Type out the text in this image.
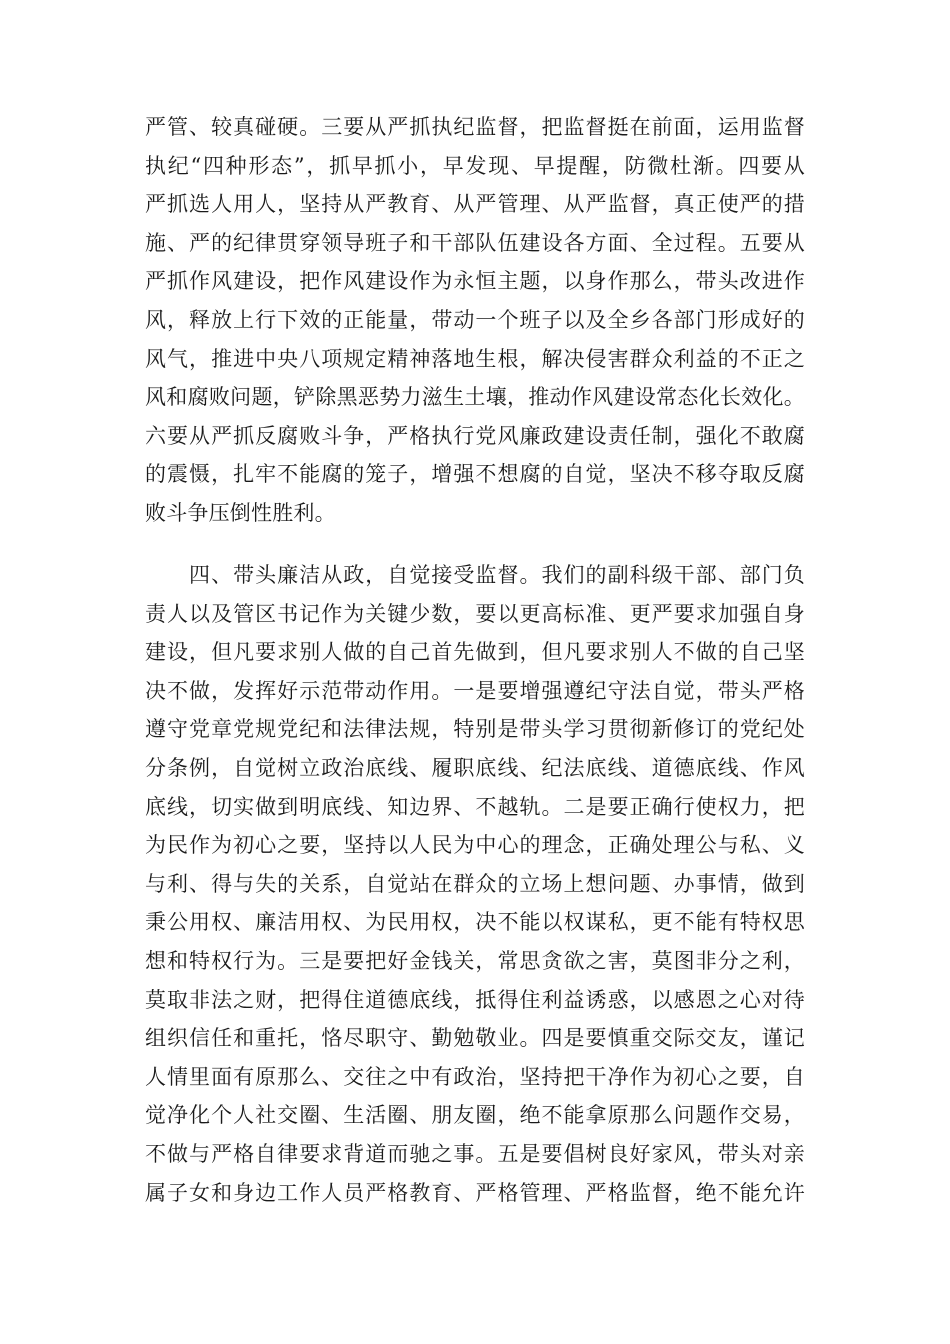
严管、较真碰硬。三要从严抓执纪监督，把监督挺在前面，运用监督
执纪“四种形态”，抓早抓小，早发现、早提醒，防微杜渐。四要从
严抓选人用人，坚持从严教育、从严管理、从严监督，真正使严的措
施、严的纪律贯穿领导班子和干部队伍建设各方面、全过程。五要从
严抓作风建设，把作风建设作为永恒主题，以身作那么，带头改进作
风，释放上行下效的正能量，带动一个班子以及全乡各部门形成好的
风气，推进中央八项规定精神落地生根，解决侵害群众利益的不正之
风和腐败问题，铲除黑恶势力滋生土壤，推动作风建设常态化长效化。
六要从严抓反腐败斗争，严格执行党风廉政建设责任制，强化不敢腐
的震慑，扎牢不能腐的笼子，增强不想腐的自觉，坚决不移夺取反腐
败斗争压倒性胜利。
　　四、带头廉洁从政，自觉接受监督。我们的副科级干部、部门负
责人以及管区书记作为关键少数，要以更高标准、更严要求加强自身
建设，但凡要求别人做的自己首先做到，但凡要求别人不做的自己坚
决不做，发挥好示范带动作用。一是要增强遵纪守法自觉，带头严格
遵守党章党规党纪和法律法规，特别是带头学习贯彻新修订的党纪处
分条例，自觉树立政治底线、履职底线、纪法底线、道德底线、作风
底线，切实做到明底线、知边界、不越轨。二是要正确行使权力，把
为民作为初心之要，坚持以人民为中心的理念，正确处理公与私、义
与利、得与失的关系，自觉站在群众的立场上想问题、办事情，做到
秉公用权、廉洁用权、为民用权，决不能以权谋私，更不能有特权思
想和特权行为。三是要把好金钱关，常思贪欲之害，莫图非分之利，
莫取非法之财，把得住道德底线，抵得住利益诱惑，以感恩之心对待
组织信任和重托，恪尽职守、勤勉敬业。四是要慎重交际交友，谨记
人情里面有原那么、交往之中有政治，坚持把干净作为初心之要，自
觉净化个人社交圈、生活圈、朋友圈，绝不能拿原那么问题作交易，
不做与严格自律要求背道而驰之事。五是要倡树良好家风，带头对亲
属子女和身边工作人员严格教育、严格管理、严格监督，绝不能允许
